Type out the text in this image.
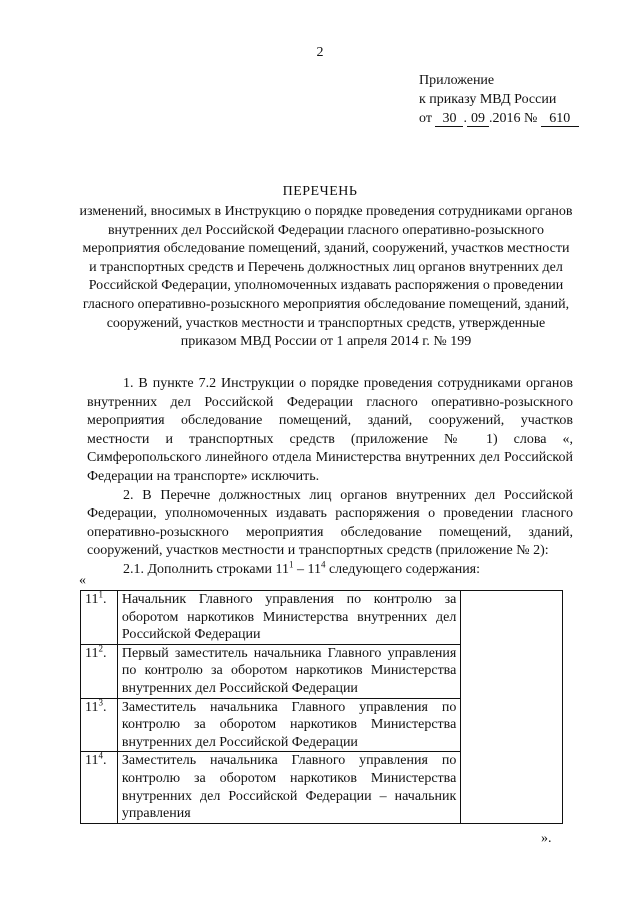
2
Приложение
к приказу МВД России
от 30 . 09 .2016 № 610
ПЕРЕЧЕНЬ
изменений, вносимых в Инструкцию о порядке проведения сотрудниками органов внутренних дел Российской Федерации гласного оперативно-розыскного мероприятия обследование помещений, зданий, сооружений, участков местности и транспортных средств и Перечень должностных лиц органов внутренних дел Российской Федерации, уполномоченных издавать распоряжения о проведении гласного оперативно-розыскного мероприятия обследование помещений, зданий, сооружений, участков местности и транспортных средств, утвержденные приказом МВД России от 1 апреля 2014 г. № 199

1. В пункте 7.2 Инструкции о порядке проведения сотрудниками органов внутренних дел Российской Федерации гласного оперативно-розыскного мероприятия обследование помещений, зданий, сооружений, участков местности и транспортных средств (приложение № 1) слова «, Симферопольского линейного отдела Министерства внутренних дел Российской Федерации на транспорте» исключить.

2. В Перечне должностных лиц органов внутренних дел Российской Федерации, уполномоченных издавать распоряжения о проведении гласного оперативно-розыскного мероприятия обследование помещений, зданий, сооружений, участков местности и транспортных средств (приложение № 2):

2.1. Дополнить строками $11^1 - 11^4$ следующего содержания:

«
$11^1$.	Начальник Главного управления по контролю за оборотом наркотиков Министерства внутренних дел Российской Федерации	
$11^2$.	Первый заместитель начальника Главного управления по контролю за оборотом наркотиков Министерства внутренних дел Российской Федерации	
$11^3$.	Заместитель начальника Главного управления по контролю за оборотом наркотиков Министерства внутренних дел Российской Федерации	
$11^4$.	Заместитель начальника Главного управления по контролю за оборотом наркотиков Министерства внутренних дел Российской Федерации – начальник управления	
».
